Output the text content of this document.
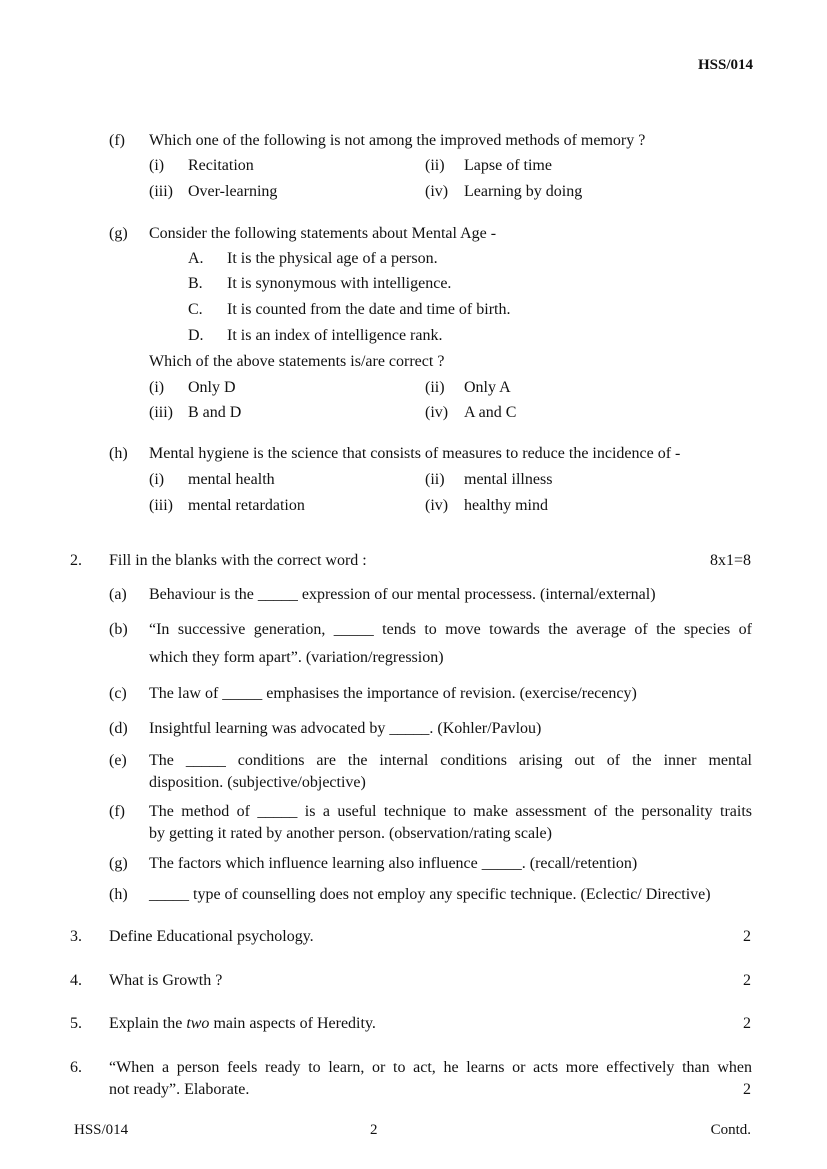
HSS/014
(f) Which one of the following is not among the improved methods of memory ?
(i) Recitation	(ii) Lapse of time
(iii) Over-learning	(iv) Learning by doing
(g) Consider the following statements about Mental Age -
A. It is the physical age of a person.
B. It is synonymous with intelligence.
C. It is counted from the date and time of birth.
D. It is an index of intelligence rank.
Which of the above statements is/are correct ?
(i) Only D	(ii) Only A
(iii) B and D	(iv) A and C
(h) Mental hygiene is the science that consists of measures to reduce the incidence of -
(i) mental health	(ii) mental illness
(iii) mental retardation	(iv) healthy mind
2. Fill in the blanks with the correct word :	8x1=8
(a) Behaviour is the _____ expression of our mental processess. (internal/external)
(b) “In successive generation, _____ tends to move towards the average of the species of
which they form apart”. (variation/regression)
(c) The law of _____ emphasises the importance of revision. (exercise/recency)
(d) Insightful learning was advocated by _____. (Kohler/Pavlou)
(e) The _____ conditions are the internal conditions arising out of the inner mental
disposition. (subjective/objective)
(f) The method of _____ is a useful technique to make assessment of the personality traits
by getting it rated by another person. (observation/rating scale)
(g) The factors which influence learning also influence _____. (recall/retention)
(h) _____ type of counselling does not employ any specific technique. (Eclectic/ Directive)
3. Define Educational psychology.	2
4. What is Growth ?	2
5. Explain the two main aspects of Heredity.	2
6. “When a person feels ready to learn, or to act, he learns or acts more effectively than when
not ready”. Elaborate.	2
HSS/014	2	Contd.
